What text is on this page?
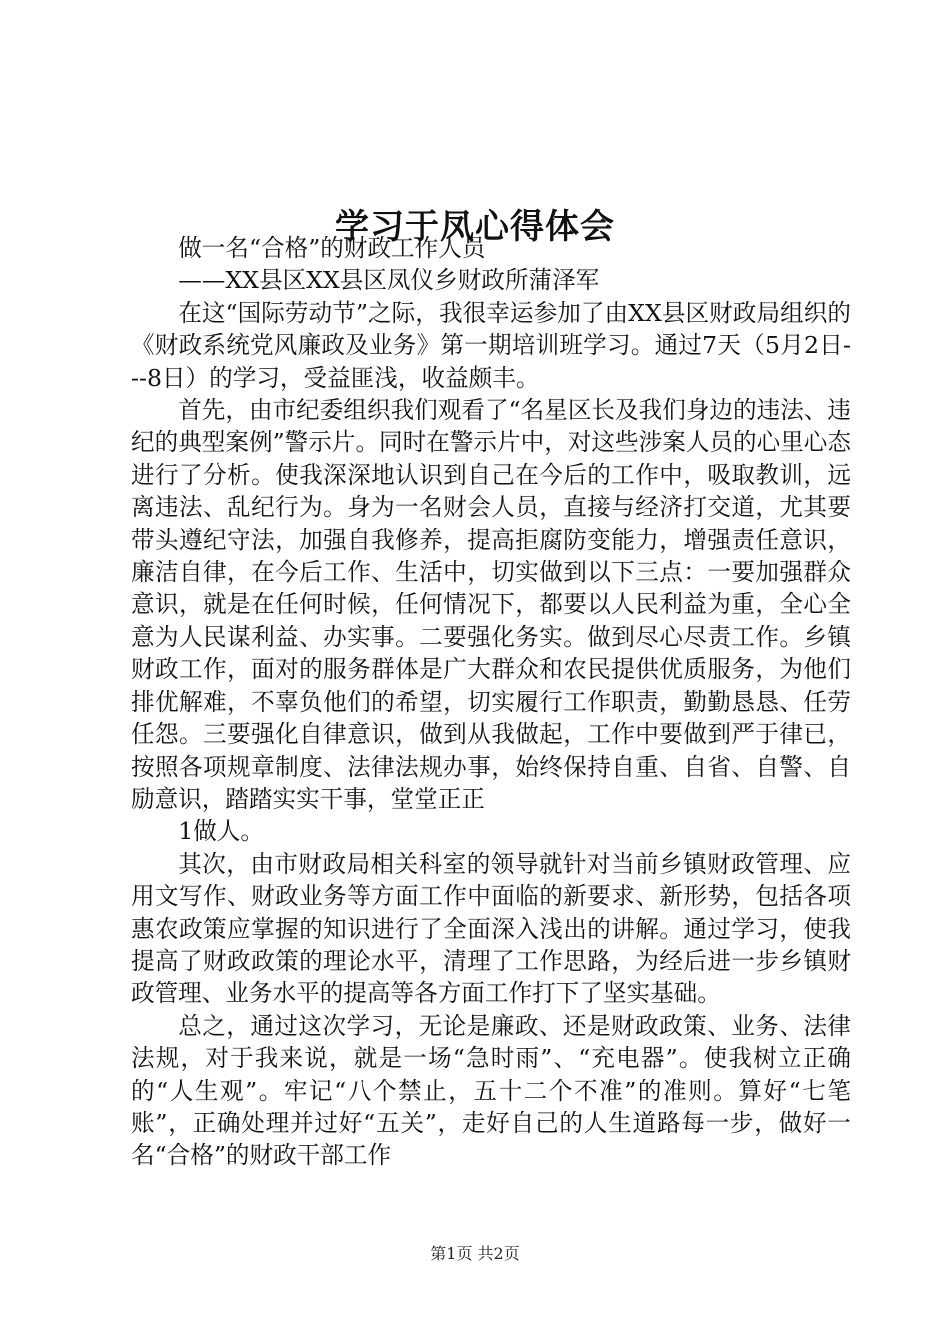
学习于凤心得体会

做一名“合格”的财政工作人员

——XX县区XX县区凤仪乡财政所蒲泽军

在这“国际劳动节”之际，我很幸运参加了由XX县区财政局组织的《财政系统党风廉政及业务》第一期培训班学习。通过7天（5月2日---8日）的学习，受益匪浅，收益颇丰。

首先，由市纪委组织我们观看了“名星区长及我们身边的违法、违纪的典型案例”警示片。同时在警示片中，对这些涉案人员的心里心态进行了分析。使我深深地认识到自己在今后的工作中，吸取教训，远离违法、乱纪行为。身为一名财会人员，直接与经济打交道，尤其要带头遵纪守法，加强自我修养，提高拒腐防变能力，增强责任意识，廉洁自律，在今后工作、生活中，切实做到以下三点：一要加强群众意识，就是在任何时候，任何情况下，都要以人民利益为重，全心全意为人民谋利益、办实事。二要强化务实。做到尽心尽责工作。乡镇财政工作，面对的服务群体是广大群众和农民提供优质服务，为他们排优解难，不辜负他们的希望，切实履行工作职责，勤勤恳恳、任劳任怨。三要强化自律意识，做到从我做起，工作中要做到严于律已，按照各项规章制度、法律法规办事，始终保持自重、自省、自警、自励意识，踏踏实实干事，堂堂正正

1做人。

其次，由市财政局相关科室的领导就针对当前乡镇财政管理、应用文写作、财政业务等方面工作中面临的新要求、新形势，包括各项惠农政策应掌握的知识进行了全面深入浅出的讲解。通过学习，使我提高了财政政策的理论水平，清理了工作思路，为经后进一步乡镇财政管理、业务水平的提高等各方面工作打下了坚实基础。

总之，通过这次学习，无论是廉政、还是财政政策、业务、法律法规，对于我来说，就是一场“急时雨”、“充电器”。使我树立正确的“人生观”。牢记“八个禁止，五十二个不准”的准则。算好“七笔账”，正确处理并过好“五关”，走好自己的人生道路每一步，做好一名“合格”的财政干部工作

第1页 共2页
